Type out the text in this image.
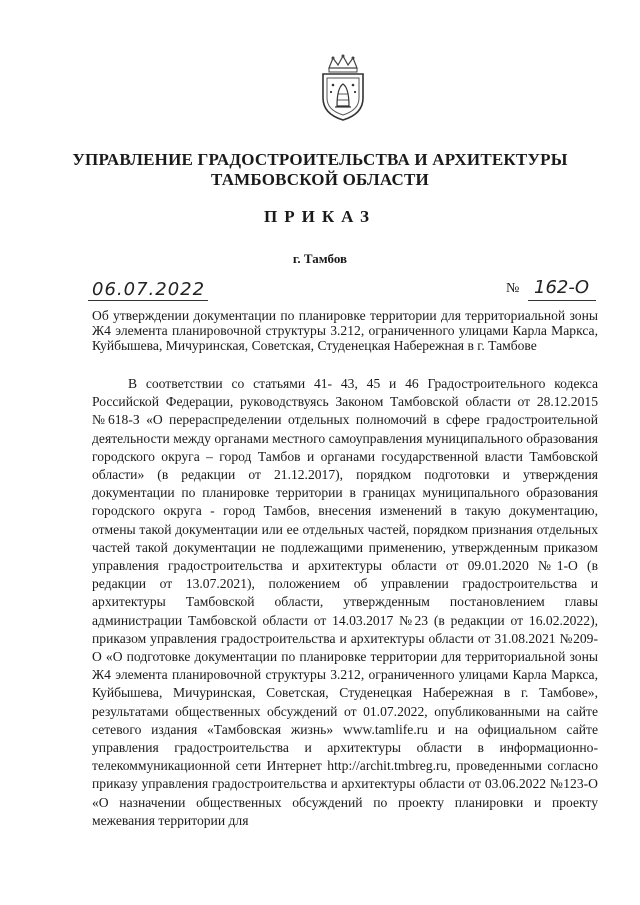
УПРАВЛЕНИЕ ГРАДОСТРОИТЕЛЬСТВА И АРХИТЕКТУРЫ
ТАМБОВСКОЙ ОБЛАСТИ
ПРИКАЗ
г. Тамбов
06.07.2022	№ 162-О
Об утверждении документации по планировке территории для территориальной зоны Ж4 элемента планировочной структуры 3.212, ограниченного улицами Карла Маркса, Куйбышева, Мичуринская, Советская, Студенецкая Набережная в г. Тамбове
В соответствии со статьями 41- 43, 45 и 46 Градостроительного кодекса Российской Федерации, руководствуясь Законом Тамбовской области от 28.12.2015 №618-З «О перераспределении отдельных полномочий в сфере градостроительной деятельности между органами местного самоуправления муниципального образования городского округа – город Тамбов и органами государственной власти Тамбовской области» (в редакции от 21.12.2017), порядком подготовки и утверждения документации по планировке территории в границах муниципального образования городского округа - город Тамбов, внесения изменений в такую документацию, отмены такой документации или ее отдельных частей, порядком признания отдельных частей такой документации не подлежащими применению, утвержденным приказом управления градостроительства и архитектуры области от 09.01.2020 №1-О (в редакции от 13.07.2021), положением об управлении градостроительства и архитектуры Тамбовской области, утвержденным постановлением главы администрации Тамбовской области от 14.03.2017 №23 (в редакции от 16.02.2022), приказом управления градостроительства и архитектуры области от 31.08.2021 №209-О «О подготовке документации по планировке территории для территориальной зоны Ж4 элемента планировочной структуры 3.212, ограниченного улицами Карла Маркса, Куйбышева, Мичуринская, Советская, Студенецкая Набережная в г. Тамбове», результатами общественных обсуждений от 01.07.2022, опубликованными на сайте сетевого издания «Тамбовская жизнь» www.tamlife.ru и на официальном сайте управления градостроительства и архитектуры области в информационно-телекоммуникационной сети Интернет http://archit.tmbreg.ru, проведенными согласно приказу управления градостроительства и архитектуры области от 03.06.2022 №123-О «О назначении общественных обсуждений по проекту планировки и проекту межевания территории для
